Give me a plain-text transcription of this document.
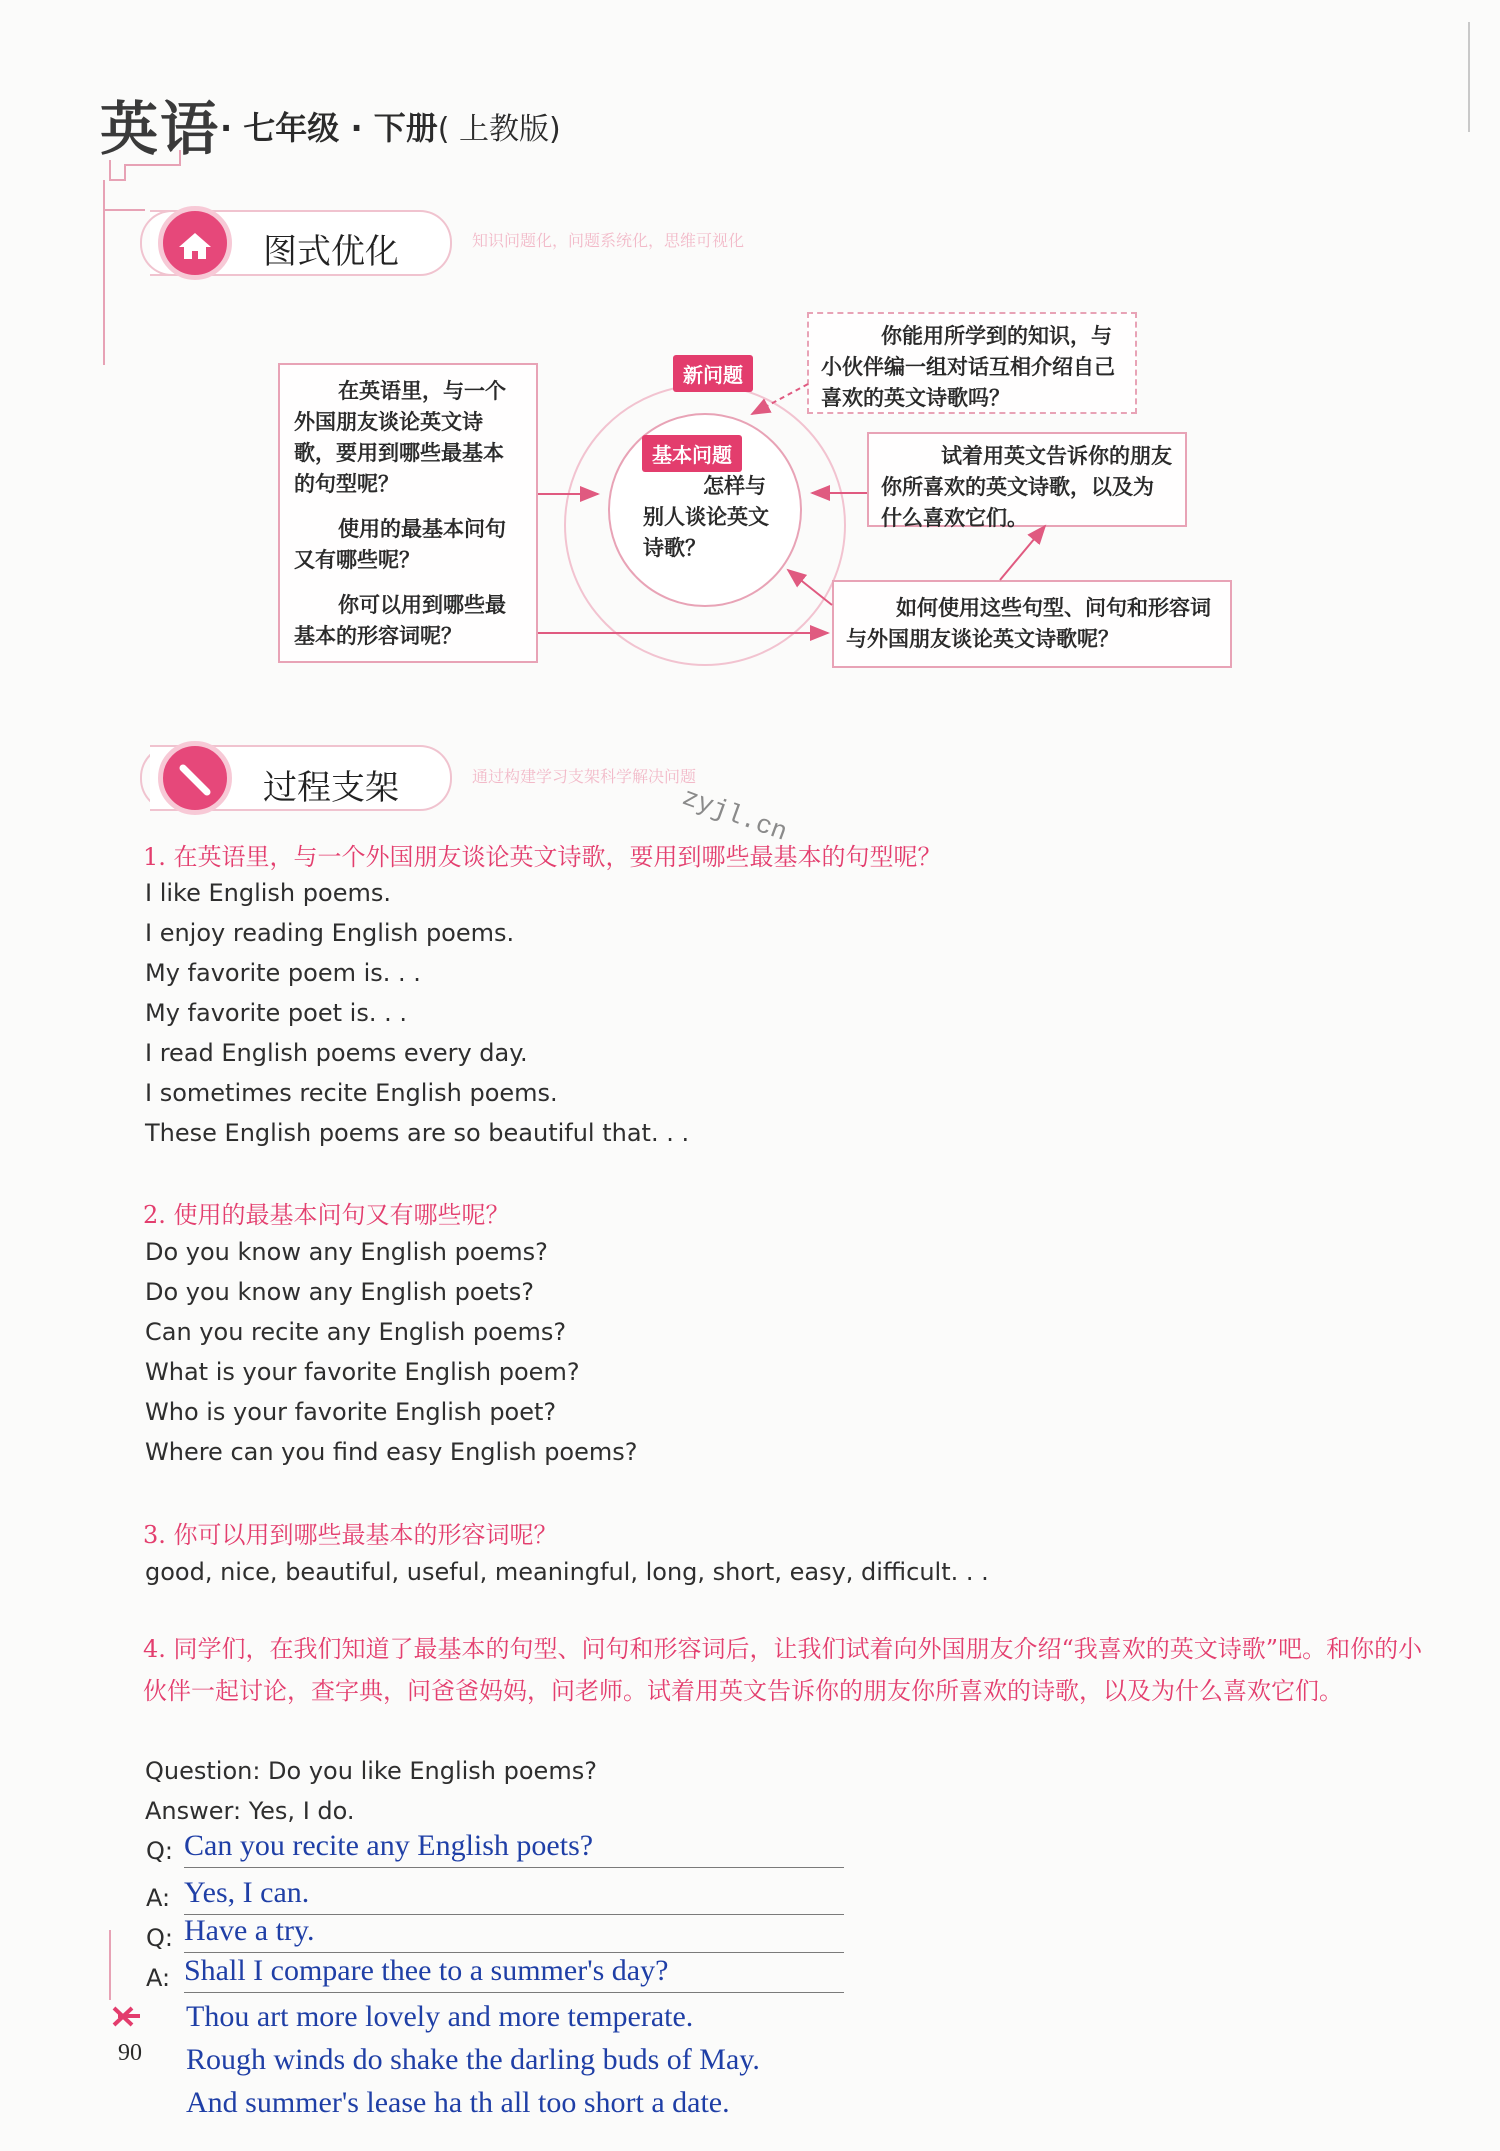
英语 · 七年级 · 下册( 上教版)
图式优化	知识问题化，问题系统化，思维可视化

在英语里，与一个外国朋友谈论英文诗歌，要用到哪些最基本的句型呢？

使用的最基本问句又有哪些呢？

你可以用到哪些最基本的形容词呢？

新问题
基本问题
怎样与别人谈论英文诗歌？
你能用所学到的知识，与小伙伴编一组对话互相介绍自己喜欢的英文诗歌吗？
试着用英文告诉你的朋友你所喜欢的英文诗歌，以及为什么喜欢它们。
如何使用这些句型、问句和形容词与外国朋友谈论英文诗歌呢？
过程支架	通过构建学习支架科学解决问题
zyjl.cn
1. 在英语里，与一个外国朋友谈论英文诗歌，要用到哪些最基本的句型呢？
I like English poems.
I enjoy reading English poems.
My favorite poem is. . .
My favorite poet is. . .
I read English poems every day.
I sometimes recite English poems.
These English poems are so beautiful that. . .
2. 使用的最基本问句又有哪些呢？
Do you know any English poems?
Do you know any English poets?
Can you recite any English poems?
What is your favorite English poem?
Who is your favorite English poet?
Where can you find easy English poems?
3. 你可以用到哪些最基本的形容词呢？
good, nice, beautiful, useful, meaningful, long, short, easy, difficult. . .
4. 同学们，在我们知道了最基本的句型、问句和形容词后，让我们试着向外国朋友介绍“我喜欢的英文诗歌”吧。和你的小伙伴一起讨论，查字典，问爸爸妈妈，问老师。试着用英文告诉你的朋友你所喜欢的诗歌，以及为什么喜欢它们。
Question: Do you like English poems?
Answer: Yes, I do.
Q: Can you recite any English poets?
A: Yes, I can.
Q: Have a try.
A: Shall I compare thee to a summer's day?
Thou art more lovely and more temperate.
Rough winds do shake the darling buds of May.
And summer's lease ha th all too short a date.
90
